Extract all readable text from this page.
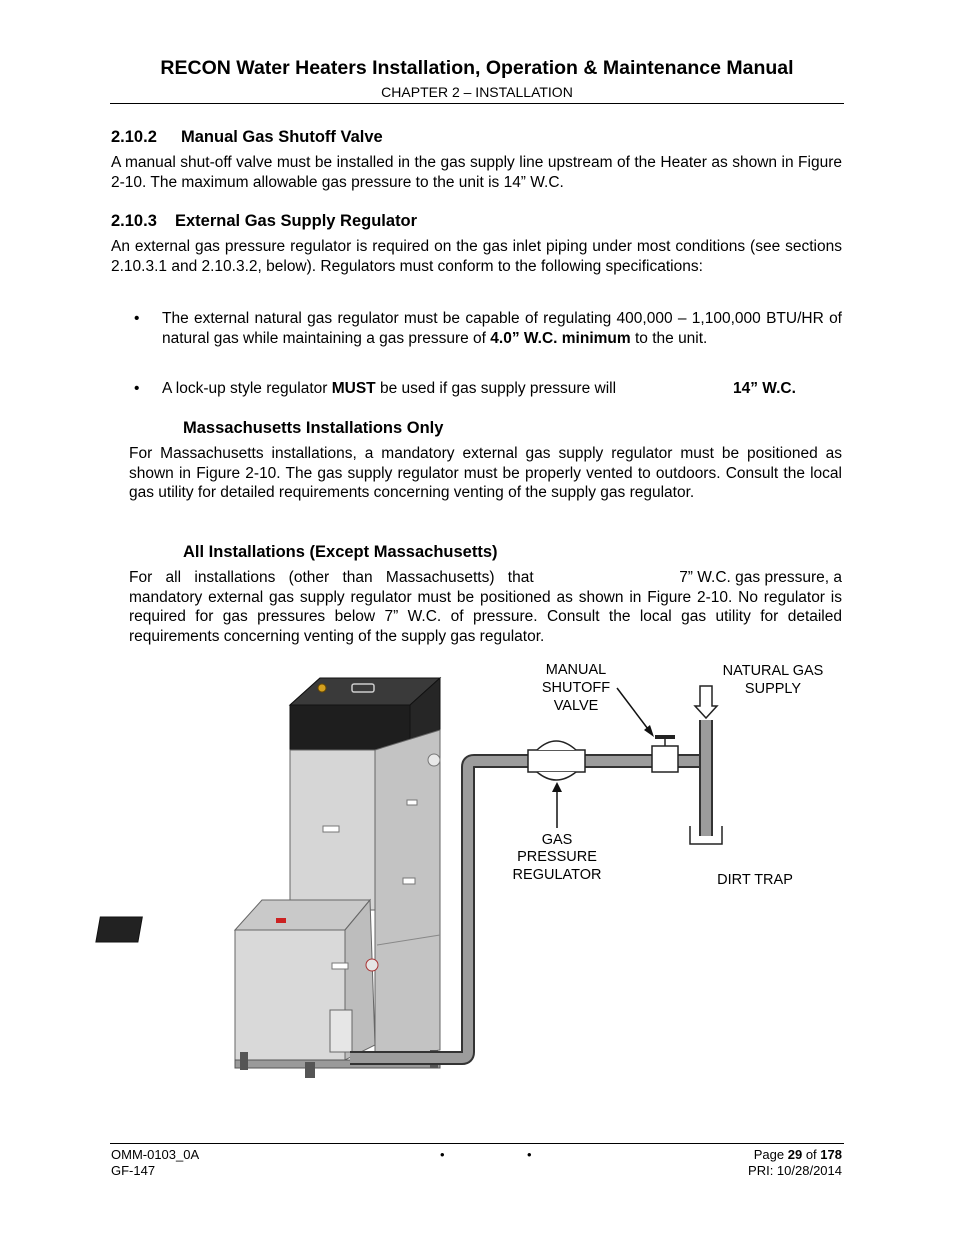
RECON Water Heaters Installation, Operation & Maintenance Manual
CHAPTER 2 – INSTALLATION
2.10.2 Manual Gas Shutoff Valve
A manual shut-off valve must be installed in the gas supply line upstream of the Heater as shown in Figure 2-10. The maximum allowable gas pressure to the unit is 14” W.C.
2.10.3 External Gas Supply Regulator
An external gas pressure regulator is required on the gas inlet piping under most conditions (see sections 2.10.3.1 and 2.10.3.2, below). Regulators must conform to the following specifications:
• The external natural gas regulator must be capable of regulating 400,000 – 1,100,000 BTU/HR of natural gas while maintaining a gas pressure of 4.0” W.C. minimum to the unit.
• A lock-up style regulator MUST be used if gas supply pressure will	14” W.C.
Massachusetts Installations Only
For Massachusetts installations, a mandatory external gas supply regulator must be positioned as shown in Figure 2-10. The gas supply regulator must be properly vented to outdoors. Consult the local gas utility for detailed requirements concerning venting of the supply gas regulator.
All Installations (Except Massachusetts)
For all installations (other than Massachusetts) that	7” W.C. gas pressure, a
mandatory external gas supply regulator must be positioned as shown in Figure 2-10. No regulator is required for gas pressures below 7” W.C. of pressure. Consult the local gas utility for detailed requirements concerning venting of the supply gas regulator.
MANUAL
SHUTOFF
VALVE
NATURAL GAS
SUPPLY
GAS
PRESSURE
REGULATOR	DIRT TRAP
OMM-0103_0A
GF-147
•	•	Page 29 of 178
PRI: 10/28/2014
